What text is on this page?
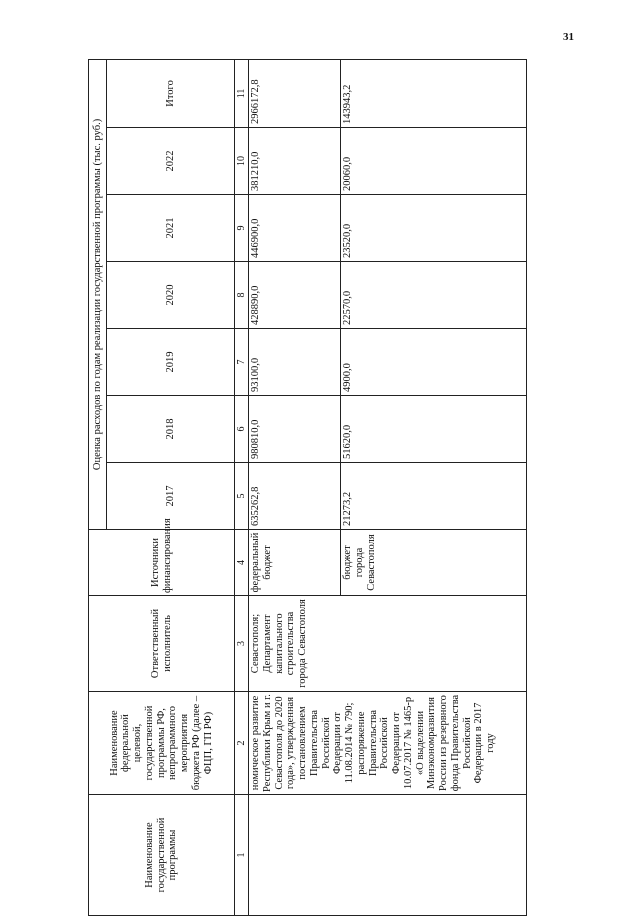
31
Наименование государственной программы	Наименование федеральной целевой, государственной программы РФ, непрограммного мероприятия бюджета РФ (далее – ФЦП, ГП РФ)	Ответственный исполнитель	Источники финансирования	Оценка расходов по годам реализации государственной программы (тыс. руб.)						
				2017	2018	2019	2020	2021	2022	Итого
1	2	3	4	5	6	7	8	9	10	11
	номическое развитие Республики Крым и г. Севастополя до 2020 года», утвержденная постановлением Правительства Российской Федерации от 11.08.2014 № 790; распоряжение Правительства Российской Федерации от 10.07.2017 № 1465-р «О выделении Минэкономразвития России из резервного фонда Правительства Российской Федерации в 2017 году	Севастополя; Департамент капитального строительства города Севастополя	федеральный бюджет	635262,8	980810,0	93100,0	428890,0	446900,0	381210,0	2966172,8
			бюджет города Севастополя	21273,2	51620,0	4900,0	22570,0	23520,0	20060,0	143943,2
